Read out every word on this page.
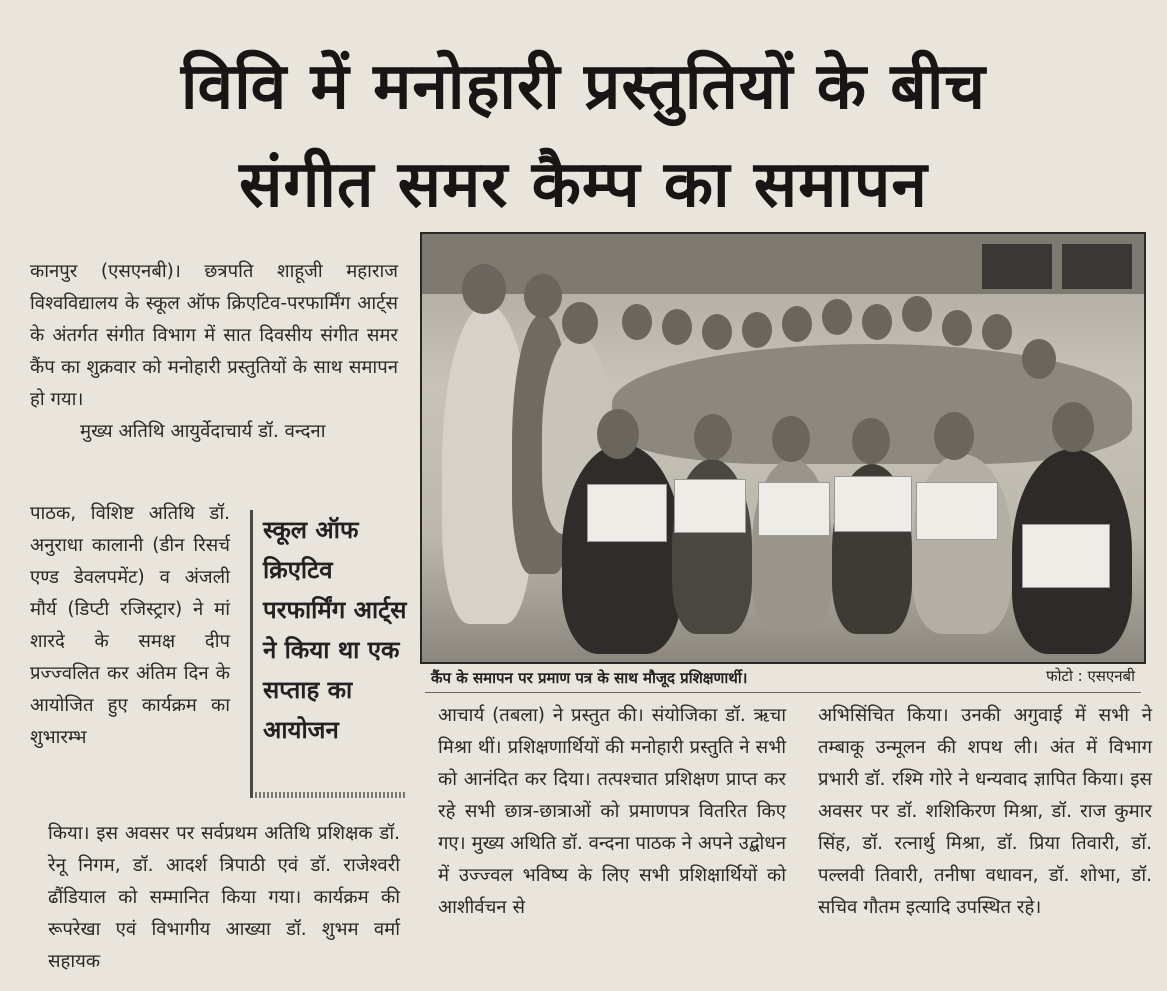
विवि में मनोहारी प्रस्तुतियों के बीच
संगीत समर कैम्प का समापन

कानपुर (एसएनबी)। छत्रपति शाहूजी महाराज विश्वविद्यालय के स्कूल ऑफ क्रिएटिव-परफार्मिंग आर्ट्स के अंतर्गत संगीत विभाग में सात दिवसीय संगीत समर कैंप का शुक्रवार को मनोहारी प्रस्तुतियों के साथ समापन हो गया।

मुख्य अतिथि आयुर्वेदाचार्य डॉ. वन्दना

पाठक, विशिष्ट अतिथि डॉ. अनुराधा कालानी (डीन रिसर्च एण्ड डेवलपमेंट) व अंजली मौर्य (डिप्टी रजिस्ट्रार) ने मां शारदे के समक्ष दीप प्रज्ज्वलित कर अंतिम दिन के आयोजित हुए कार्यक्रम का शुभारम्भ

स्कूल ऑफ क्रिएटिव परफार्मिंग आर्ट्स ने किया था एक सप्ताह का आयोजन

किया। इस अवसर पर सर्वप्रथम अतिथि प्रशिक्षक डॉ. रेनू निगम, डॉ. आदर्श त्रिपाठी एवं डॉ. राजेश्वरी ढौंडियाल को सम्मानित किया गया। कार्यक्रम की रूपरेखा एवं विभागीय आख्या डॉ. शुभम वर्मा सहायक

कैंप के समापन पर प्रमाण पत्र के साथ मौजूद प्रशिक्षणार्थी।	फोटो : एसएनबी

आचार्य (तबला) ने प्रस्तुत की। संयोजिका डॉ. ऋचा मिश्रा थीं। प्रशिक्षणार्थियों की मनोहारी प्रस्तुति ने सभी को आनंदित कर दिया। तत्पश्चात प्रशिक्षण प्राप्त कर रहे सभी छात्र-छात्राओं को प्रमाणपत्र वितरित किए गए। मुख्य अथिति डॉ. वन्दना पाठक ने अपने उद्बोधन में उज्ज्वल भविष्य के लिए सभी प्रशिक्षार्थियों को आशीर्वचन से

अभिसिंचित किया। उनकी अगुवाई में सभी ने तम्बाकू उन्मूलन की शपथ ली। अंत में विभाग प्रभारी डॉ. रश्मि गोरे ने धन्यवाद ज्ञापित किया। इस अवसर पर डॉ. शशिकिरण मिश्रा, डॉ. राज कुमार सिंह, डॉ. रत्नार्थु मिश्रा, डॉ. प्रिया तिवारी, डॉ. पल्लवी तिवारी, तनीषा वधावन, डॉ. शोभा, डॉ. सचिव गौतम इत्यादि उपस्थित रहे।
